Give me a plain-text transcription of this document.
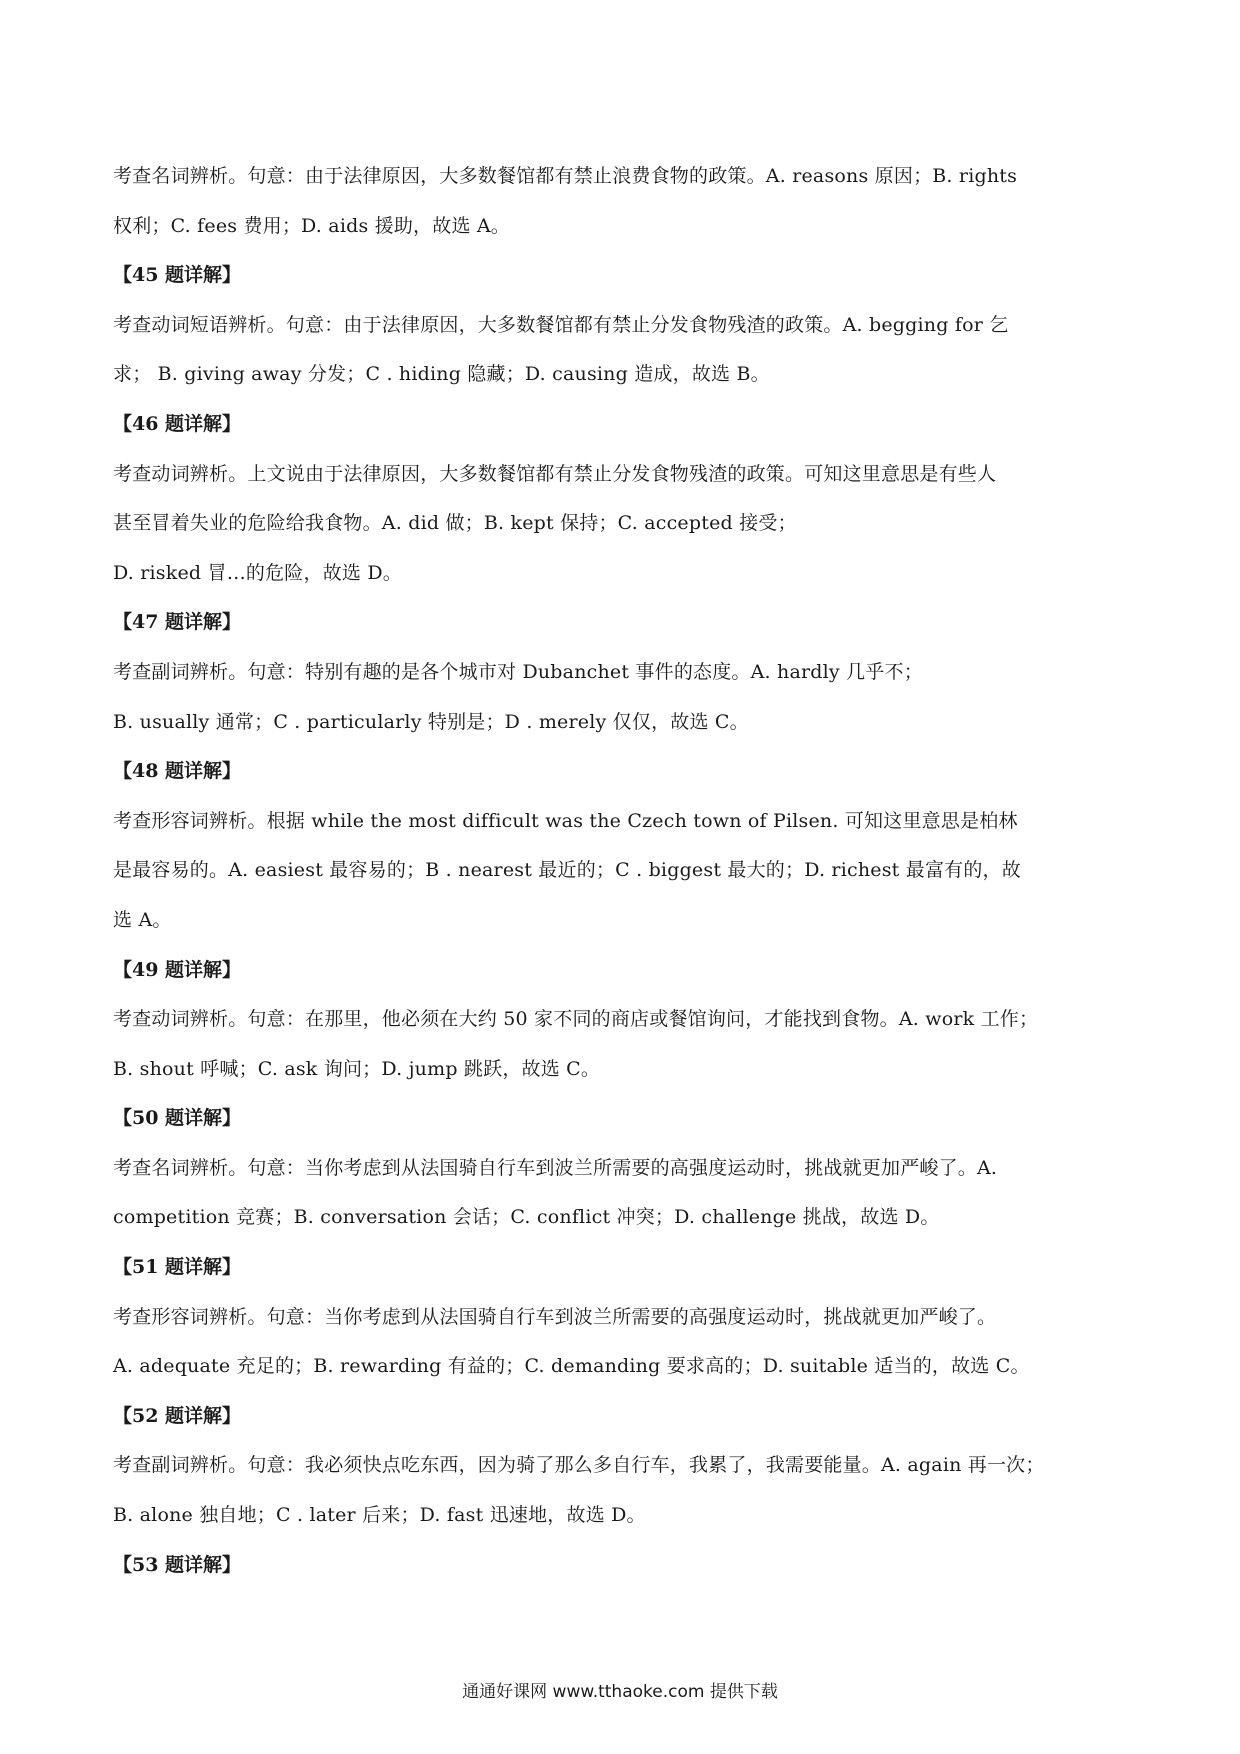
考查名词辨析。句意：由于法律原因，大多数餐馆都有禁止浪费食物的政策。A. reasons 原因；B. rights
权利；C. fees 费用；D. aids 援助，故选 A。
【45 题详解】
考查动词短语辨析。句意：由于法律原因，大多数餐馆都有禁止分发食物残渣的政策。A. begging for 乞
求； B. giving away 分发；C . hiding 隐藏；D. causing 造成，故选 B。
【46 题详解】
考查动词辨析。上文说由于法律原因，大多数餐馆都有禁止分发食物残渣的政策。可知这里意思是有些人
甚至冒着失业的危险给我食物。A. did 做；B. kept 保持；C. accepted 接受；
D. risked 冒…的危险，故选 D。
【47 题详解】
考查副词辨析。句意：特别有趣的是各个城市对 Dubanchet 事件的态度。A. hardly 几乎不；
B. usually 通常；C . particularly 特别是；D . merely 仅仅，故选 C。
【48 题详解】
考查形容词辨析。根据 while the most difficult was the Czech town of Pilsen. 可知这里意思是柏林
是最容易的。A. easiest 最容易的；B . nearest 最近的；C . biggest 最大的；D. richest 最富有的，故
选 A。
【49 题详解】
考查动词辨析。句意：在那里，他必须在大约 50 家不同的商店或餐馆询问，才能找到食物。A. work 工作；
B. shout 呼喊；C. ask 询问；D. jump 跳跃，故选 C。
【50 题详解】
考查名词辨析。句意：当你考虑到从法国骑自行车到波兰所需要的高强度运动时，挑战就更加严峻了。A.
competition 竞赛；B. conversation 会话；C. conflict 冲突；D. challenge 挑战，故选 D。
【51 题详解】
考查形容词辨析。句意：当你考虑到从法国骑自行车到波兰所需要的高强度运动时，挑战就更加严峻了。
A. adequate 充足的；B. rewarding 有益的；C. demanding 要求高的；D. suitable 适当的，故选 C。
【52 题详解】
考查副词辨析。句意：我必须快点吃东西，因为骑了那么多自行车，我累了，我需要能量。A. again 再一次；
B. alone 独自地；C . later 后来；D. fast 迅速地，故选 D。
【53 题详解】
通通好课网 www.tthaoke.com 提供下载
